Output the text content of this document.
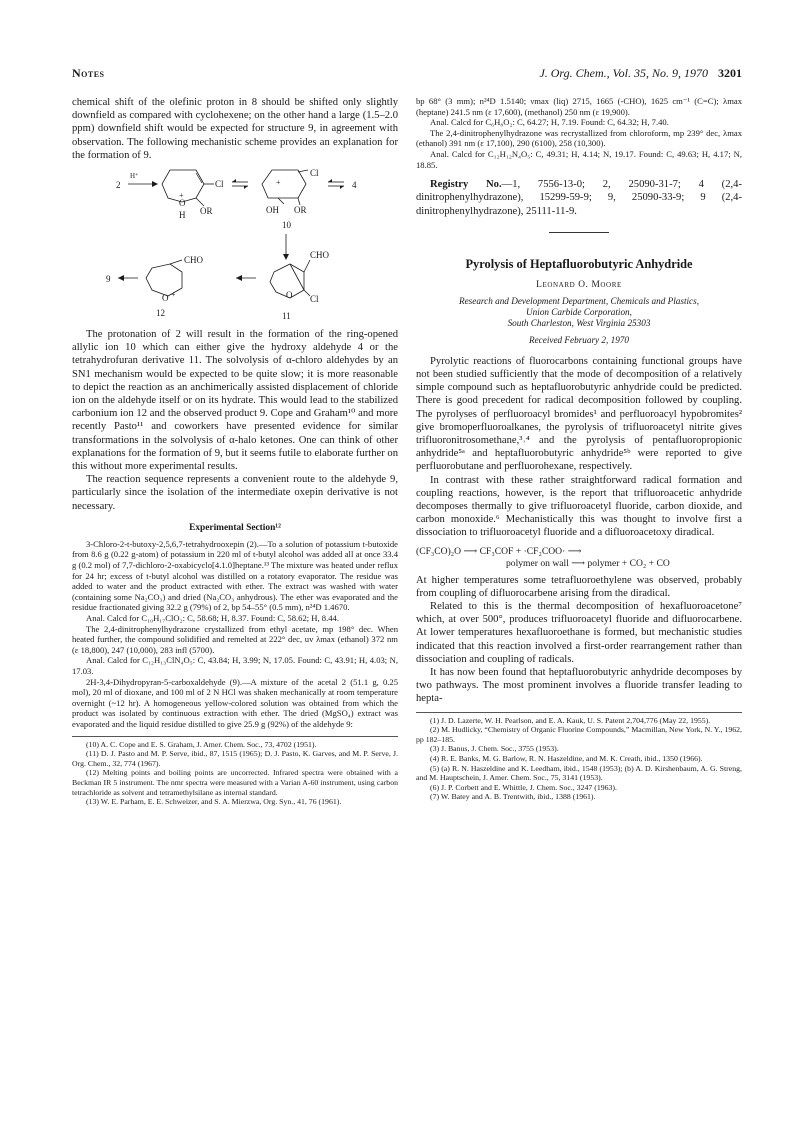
Notes	J. Org. Chem., Vol. 35, No. 9, 1970 3201

chemical shift of the olefinic proton in 8 should be shifted only slightly downfield as compared with cyclohexene; on the other hand a large (1.5–2.0 ppm) downfield shift would be expected for structure 9, in agreement with observation. The following mechanistic scheme provides an explanation for the formation of 9.

2
H⁺
Cl
OR
O
+
H
+
Cl
OH OR
10
4
9
CHO
O +
12
CHO
O Cl
11

The protonation of 2 will result in the formation of the ring-opened allylic ion 10 which can either give the hydroxy aldehyde 4 or the tetrahydrofuran derivative 11. The solvolysis of α-chloro aldehydes by an SN1 mechanism would be expected to be quite slow; it is more reasonable to depict the reaction as an anchimerically assisted displacement of chloride ion on the aldehyde itself or on its hydrate. This would lead to the stabilized carbonium ion 12 and the observed product 9. Cope and Graham¹⁰ and more recently Pasto¹¹ and coworkers have presented evidence for similar transformations in the solvolysis of α-halo ketones. One can think of other explanations for the formation of 9, but it seems futile to elaborate further on this without more experimental results.

The reaction sequence represents a convenient route to the aldehyde 9, particularly since the isolation of the intermediate oxepin derivative is not necessary.

Experimental Section¹²

3-Chloro-2-t-butoxy-2,5,6,7-tetrahydrooxepin (2).—To a solution of potassium t-butoxide from 8.6 g (0.22 g-atom) of potassium in 220 ml of t-butyl alcohol was added all at once 33.4 g (0.2 mol) of 7,7-dichloro-2-oxabicyclo[4.1.0]heptane.¹³ The mixture was heated under reflux for 24 hr; excess of t-butyl alcohol was distilled on a rotatory evaporator. The residue was added to water and the product extracted with ether. The extract was washed with water (containing some Na₂CO₃) and dried (Na₂CO₃ anhydrous). The ether was evaporated and the residue fractionated giving 32.2 g (79%) of 2, bp 54–55° (0.5 mm), n²⁴D 1.4670.

Anal. Calcd for C₁₀H₁₇ClO₂: C, 58.68; H, 8.37. Found: C, 58.62; H, 8.44.

The 2,4-dinitrophenylhydrazone crystallized from ethyl acetate, mp 198° dec. When heated further, the compound solidified and remelted at 222° dec, uv λmax (ethanol) 372 nm (ε 18,800), 247 (10,000), 283 infl (5700).

Anal. Calcd for C₁₂H₁₃ClN₄O₅: C, 43.84; H, 3.99; N, 17.05. Found: C, 43.91; H, 4.03; N, 17.03.

2H-3,4-Dihydropyran-5-carboxaldehyde (9).—A mixture of the acetal 2 (51.1 g, 0.25 mol), 20 ml of dioxane, and 100 ml of 2 N HCl was shaken mechanically at room temperature overnight (~12 hr). A homogeneous yellow-colored solution was obtained from which the product was isolated by continuous extraction with ether. The dried (MgSO₄) extract was evaporated and the liquid residue distilled to give 25.9 g (92%) of the aldehyde 9:

(10) A. C. Cope and E. S. Graham, J. Amer. Chem. Soc., 73, 4702 (1951).

(11) D. J. Pasto and M. P. Serve, ibid., 87, 1515 (1965); D. J. Pasto, K. Garves, and M. P. Serve, J. Org. Chem., 32, 774 (1967).

(12) Melting points and boiling points are uncorrected. Infrared spectra were obtained with a Beckman IR 5 instrument. The nmr spectra were measured with a Varian A-60 instrument, using carbon tetrachloride as solvent and tetramethylsilane as internal standard.

(13) W. E. Parham, E. E. Schweizer, and S. A. Mierzwa, Org. Syn., 41, 76 (1961).

bp 68° (3 mm); n²⁴D 1.5140; νmax (liq) 2715, 1665 (-CHO), 1625 cm⁻¹ (C=C); λmax (heptane) 241.5 nm (ε 17,600), (methanol) 250 nm (ε 19,900).

Anal. Calcd for C₆H₈O₂: C, 64.27; H, 7.19. Found: C, 64.32; H, 7.40.

The 2,4-dinitrophenylhydrazone was recrystallized from chloroform, mp 239° dec, λmax (ethanol) 391 nm (ε 17,100), 290 (6100), 258 (10,300).

Anal. Calcd for C₁₂H₁₂N₄O₅: C, 49.31; H, 4.14; N, 19.17. Found: C, 49.63; H, 4.17; N, 18.85.

Registry No.—1, 7556-13-0; 2, 25090-31-7; 4 (2,4-dinitrophenylhydrazone), 15299-59-9; 9, 25090-33-9; 9 (2,4-dinitrophenylhydrazone), 25111-11-9.

Pyrolysis of Heptafluorobutyric Anhydride
Leonard O. Moore
Research and Development Department, Chemicals and Plastics,
Union Carbide Corporation,
South Charleston, West Virginia 25303
Received February 2, 1970

Pyrolytic reactions of fluorocarbons containing functional groups have not been studied sufficiently that the mode of decomposition of a relatively simple compound such as heptafluorobutyric anhydride could be predicted. There is good precedent for radical decomposition followed by coupling. The pyrolyses of perfluoroacyl bromides¹ and perfluoroacyl hypobromites² give bromoperfluoroalkanes, the pyrolysis of trifluoroacetyl nitrite gives trifluoronitrosomethane,³˒⁴ and the pyrolysis of pentafluoropropionic anhydride⁵ᵃ and heptafluorobutyric anhydride⁵ᵇ were reported to give perfluorobutane and perfluorohexane, respectively.

In contrast with these rather straightforward radical formation and coupling reactions, however, is the report that trifluoroacetic anhydride decomposes thermally to give trifluoroacetyl fluoride, carbon dioxide, and carbon monoxide.⁶ Mechanistically this was thought to involve first a dissociation to trifluoroacetyl fluoride and a difluoroacetoxy diradical.

(CF₃CO)₂O ⟶ CF₃COF + ·CF₂COO· ⟶
polymer on wall ⟶ polymer + CO₂ + CO

At higher temperatures some tetrafluoroethylene was observed, probably from coupling of difluorocarbene arising from the diradical.

Related to this is the thermal decomposition of hexafluoroacetone⁷ which, at over 500°, produces trifluoroacetyl fluoride and difluorocarbene. At lower temperatures hexafluoroethane is formed, but mechanistic studies indicated that this reaction involved a first-order rearrangement rather than dissociation and coupling of radicals.

It has now been found that heptafluorobutyric anhydride decomposes by two pathways. The most prominent involves a fluoride transfer leading to hepta-

(1) J. D. Lazerte, W. H. Pearlson, and E. A. Kauk, U. S. Patent 2,704,776 (May 22, 1955).

(2) M. Hudlicky, “Chemistry of Organic Fluorine Compounds,” Macmillan, New York, N. Y., 1962, pp 182–185.

(3) J. Banus, J. Chem. Soc., 3755 (1953).

(4) R. E. Banks, M. G. Barlow, R. N. Haszeldine, and M. K. Creath, ibid., 1350 (1966).

(5) (a) R. N. Haszeldine and K. Leedham, ibid., 1548 (1953); (b) A. D. Kirshenbaum, A. G. Streng, and M. Hauptschein, J. Amer. Chem. Soc., 75, 3141 (1953).

(6) J. P. Corbett and E. Whittle, J. Chem. Soc., 3247 (1963).

(7) W. Batey and A. B. Trentwith, ibid., 1388 (1961).
